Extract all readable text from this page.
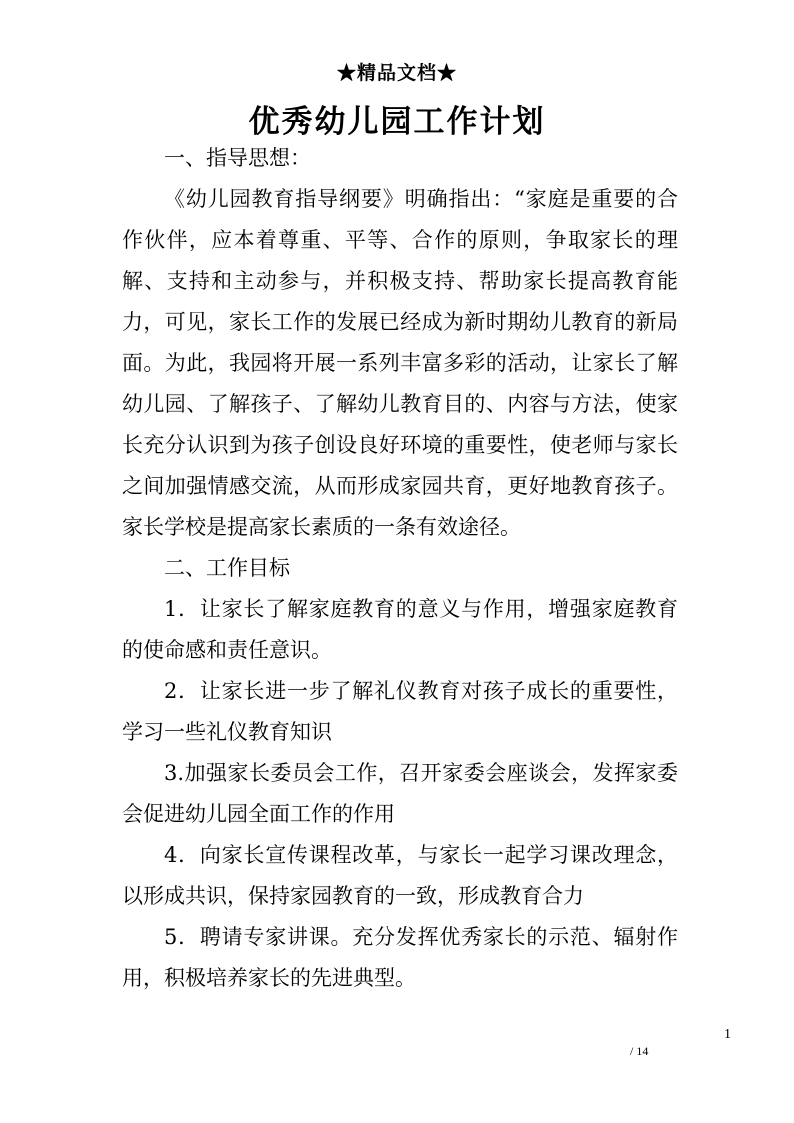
★精品文档★
优秀幼儿园工作计划

一、指导思想：

《幼儿园教育指导纲要》明确指出：“家庭是重要的合作伙伴，应本着尊重、平等、合作的原则，争取家长的理解、支持和主动参与，并积极支持、帮助家长提高教育能力，可见，家长工作的发展已经成为新时期幼儿教育的新局面。为此，我园将开展一系列丰富多彩的活动，让家长了解幼儿园、了解孩子、了解幼儿教育目的、内容与方法，使家长充分认识到为孩子创设良好环境的重要性，使老师与家长之间加强情感交流，从而形成家园共育，更好地教育孩子。家长学校是提高家长素质的一条有效途径。

二、工作目标

1．让家长了解家庭教育的意义与作用，增强家庭教育的使命感和责任意识。

2．让家长进一步了解礼仪教育对孩子成长的重要性，学习一些礼仪教育知识

3.加强家长委员会工作，召开家委会座谈会，发挥家委会促进幼儿园全面工作的作用

4．向家长宣传课程改革，与家长一起学习课改理念，以形成共识，保持家园教育的一致，形成教育合力

5．聘请专家讲课。充分发挥优秀家长的示范、辐射作用，积极培养家长的先进典型。

1
/ 14
